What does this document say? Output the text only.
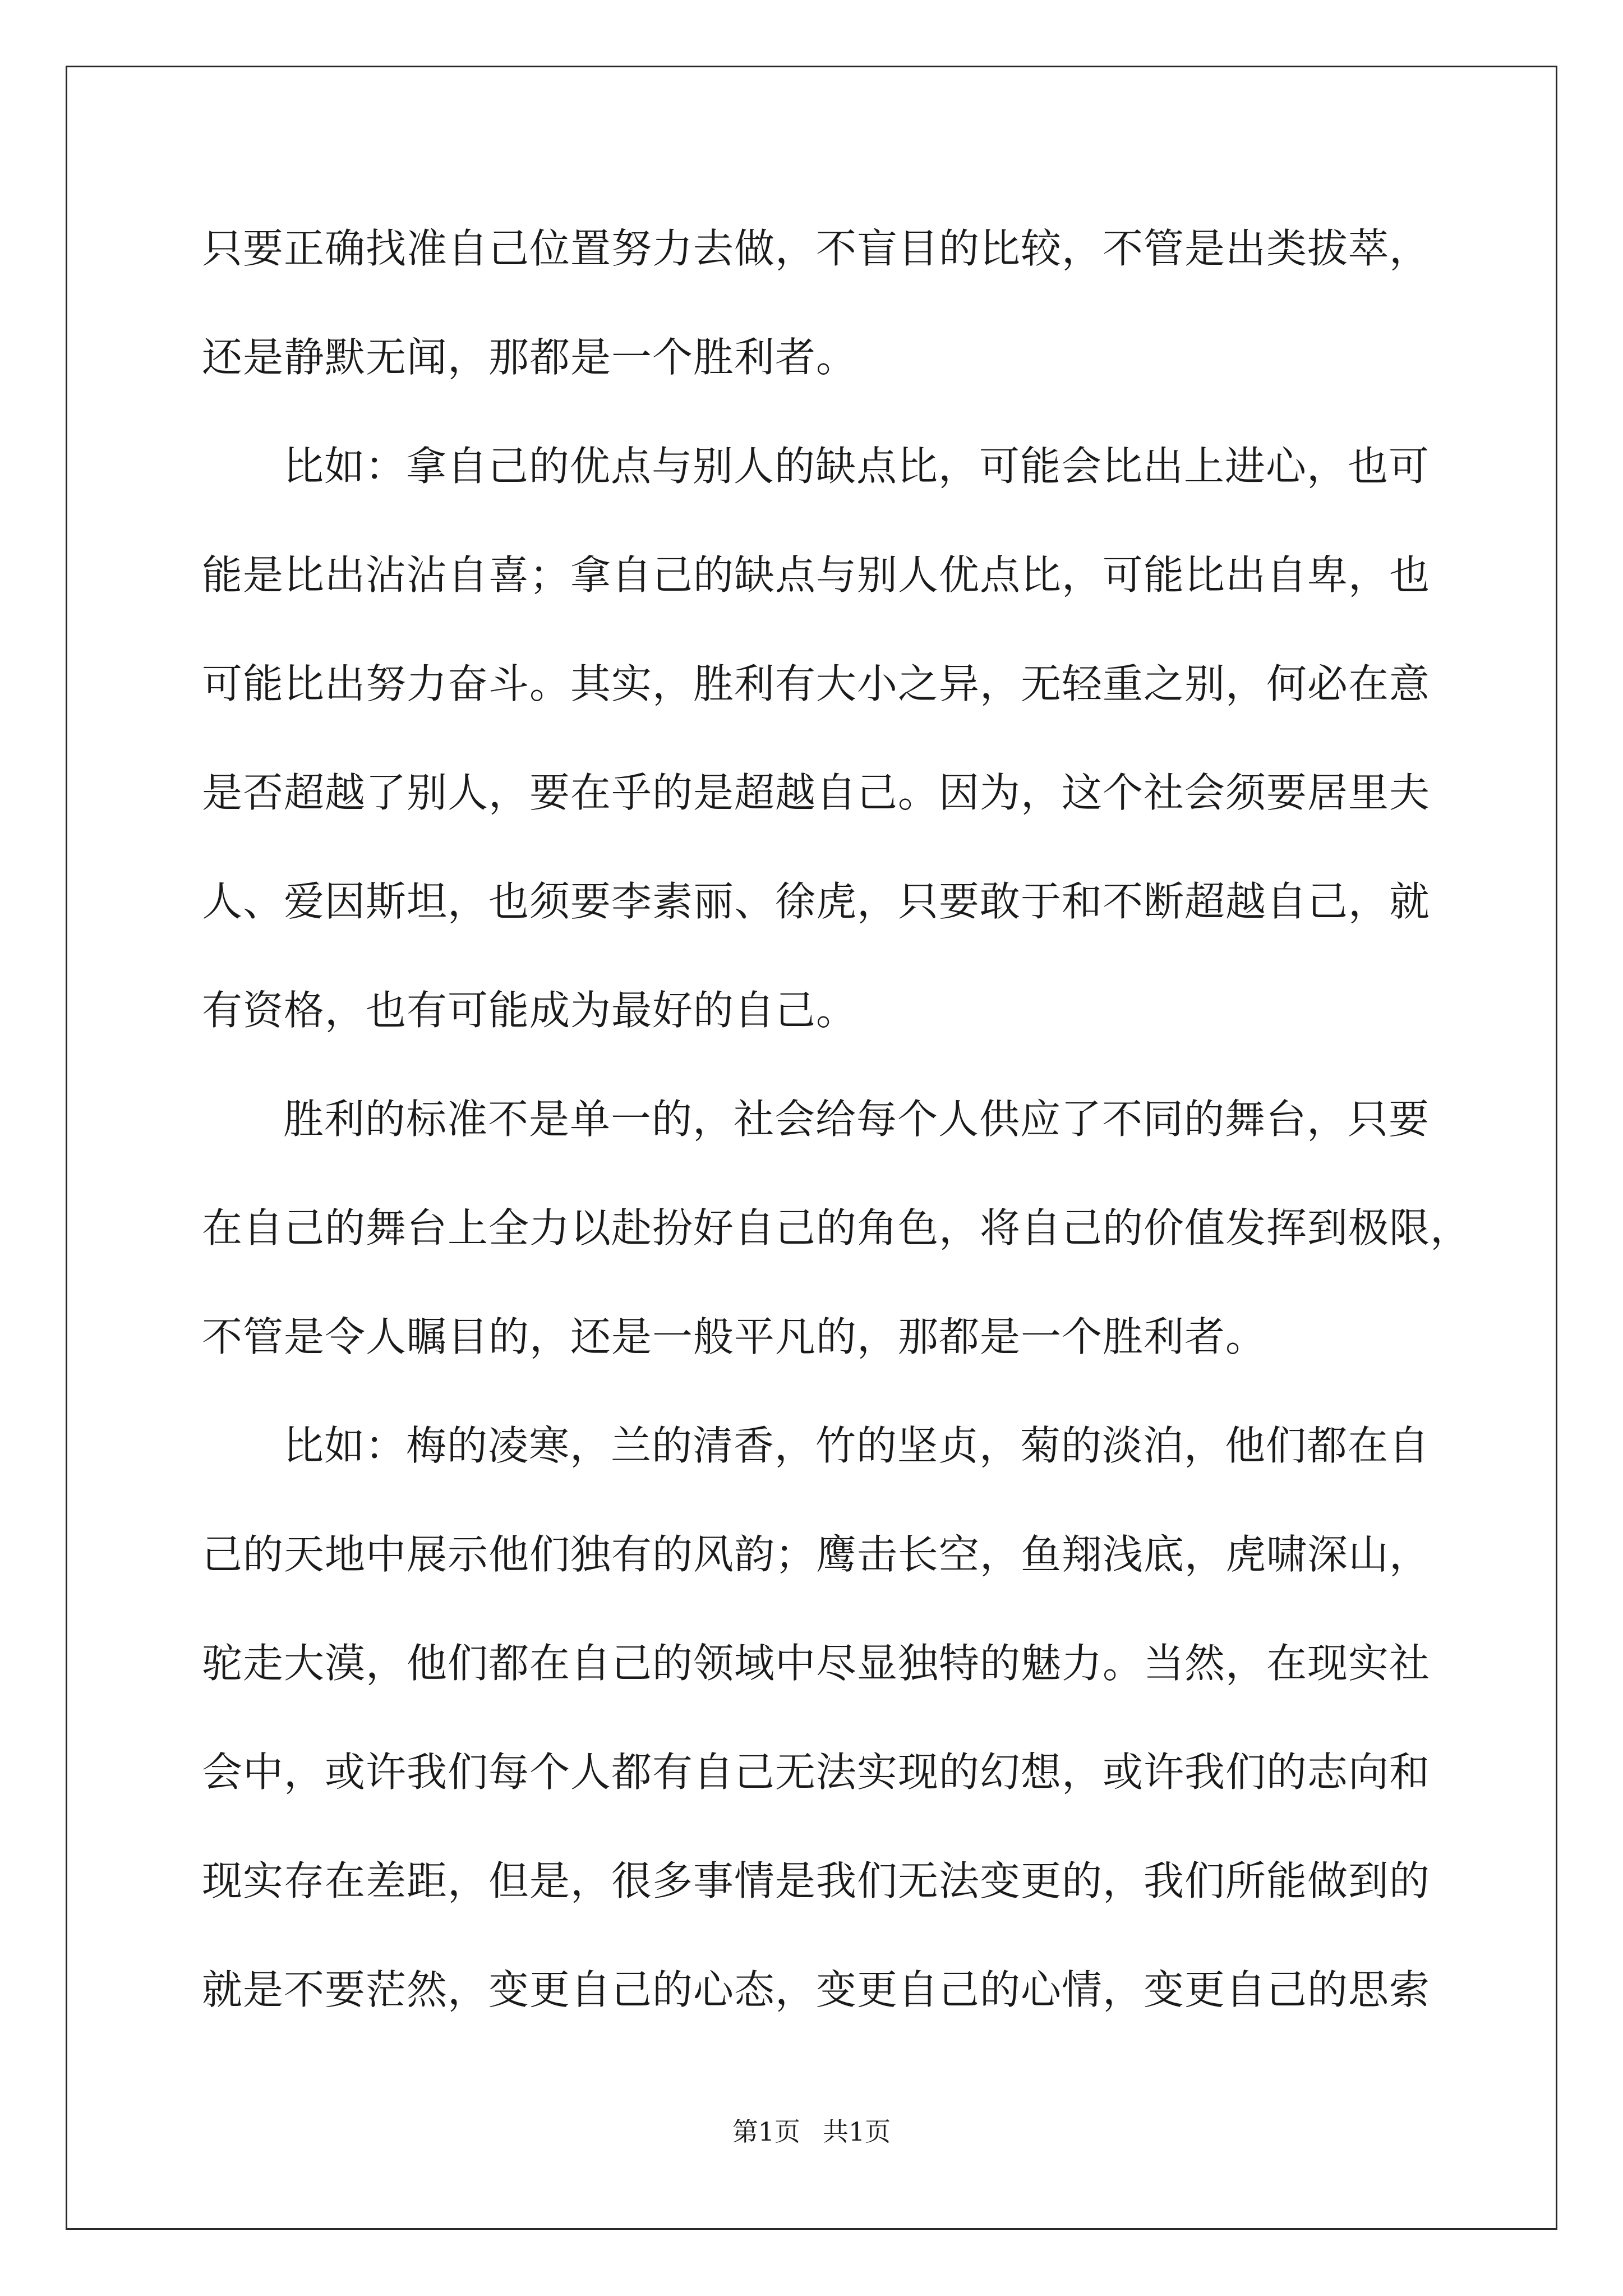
只要正确找准自己位置努力去做，不盲目的比较，不管是出类拔萃，
还是静默无闻，那都是一个胜利者。
比如：拿自己的优点与别人的缺点比，可能会比出上进心，也可
能是比出沾沾自喜；拿自己的缺点与别人优点比，可能比出自卑，也
可能比出努力奋斗。其实，胜利有大小之异，无轻重之别，何必在意
是否超越了别人，要在乎的是超越自己。因为，这个社会须要居里夫
人、爱因斯坦，也须要李素丽、徐虎，只要敢于和不断超越自己，就
有资格，也有可能成为最好的自己。
胜利的标准不是单一的，社会给每个人供应了不同的舞台，只要
在自己的舞台上全力以赴扮好自己的角色，将自己的价值发挥到极限，
不管是令人瞩目的，还是一般平凡的，那都是一个胜利者。
比如：梅的凌寒，兰的清香，竹的坚贞，菊的淡泊，他们都在自
己的天地中展示他们独有的风韵；鹰击长空，鱼翔浅底，虎啸深山，
驼走大漠，他们都在自己的领域中尽显独特的魅力。当然，在现实社
会中，或许我们每个人都有自己无法实现的幻想，或许我们的志向和
现实存在差距，但是，很多事情是我们无法变更的，我们所能做到的
就是不要茫然，变更自己的心态，变更自己的心情，变更自己的思索
第1页 共1页
